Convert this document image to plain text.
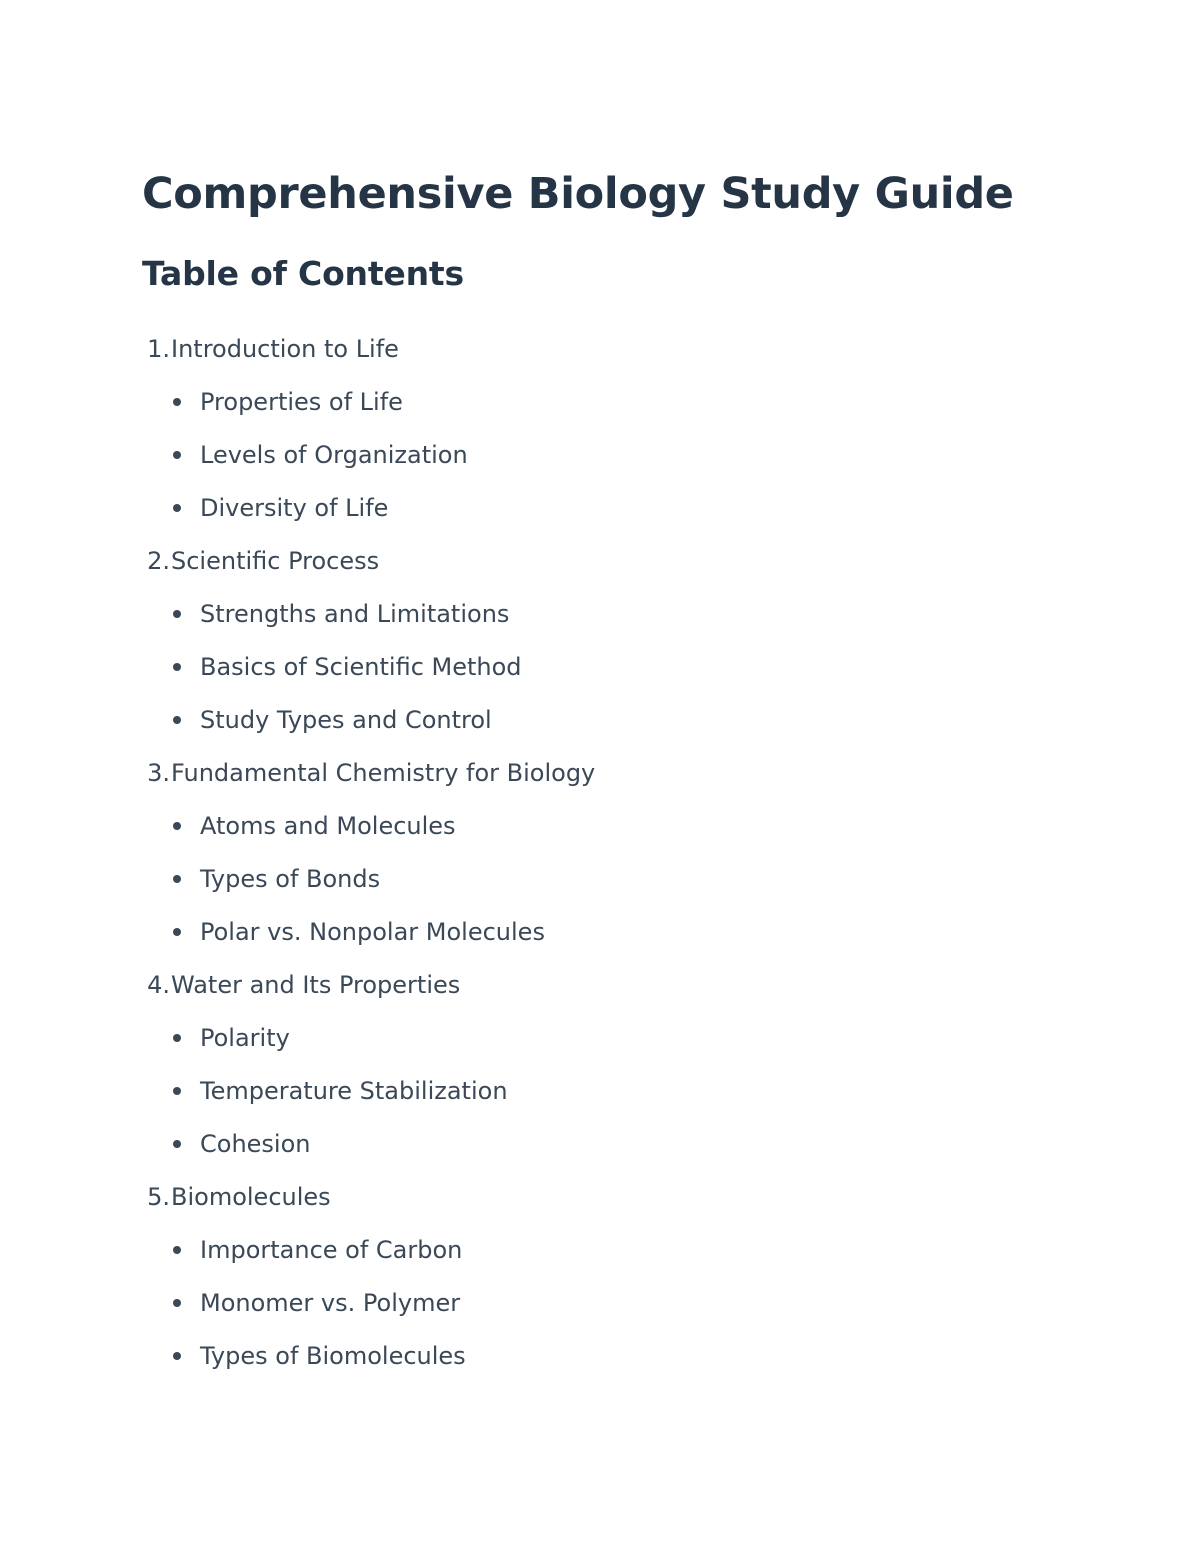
Comprehensive Biology Study Guide
Table of Contents
1. Introduction to Life
Properties of Life
Levels of Organization
Diversity of Life
2. Scientific Process
Strengths and Limitations
Basics of Scientific Method
Study Types and Control
3. Fundamental Chemistry for Biology
Atoms and Molecules
Types of Bonds
Polar vs. Nonpolar Molecules
4. Water and Its Properties
Polarity
Temperature Stabilization
Cohesion
5. Biomolecules
Importance of Carbon
Monomer vs. Polymer
Types of Biomolecules
